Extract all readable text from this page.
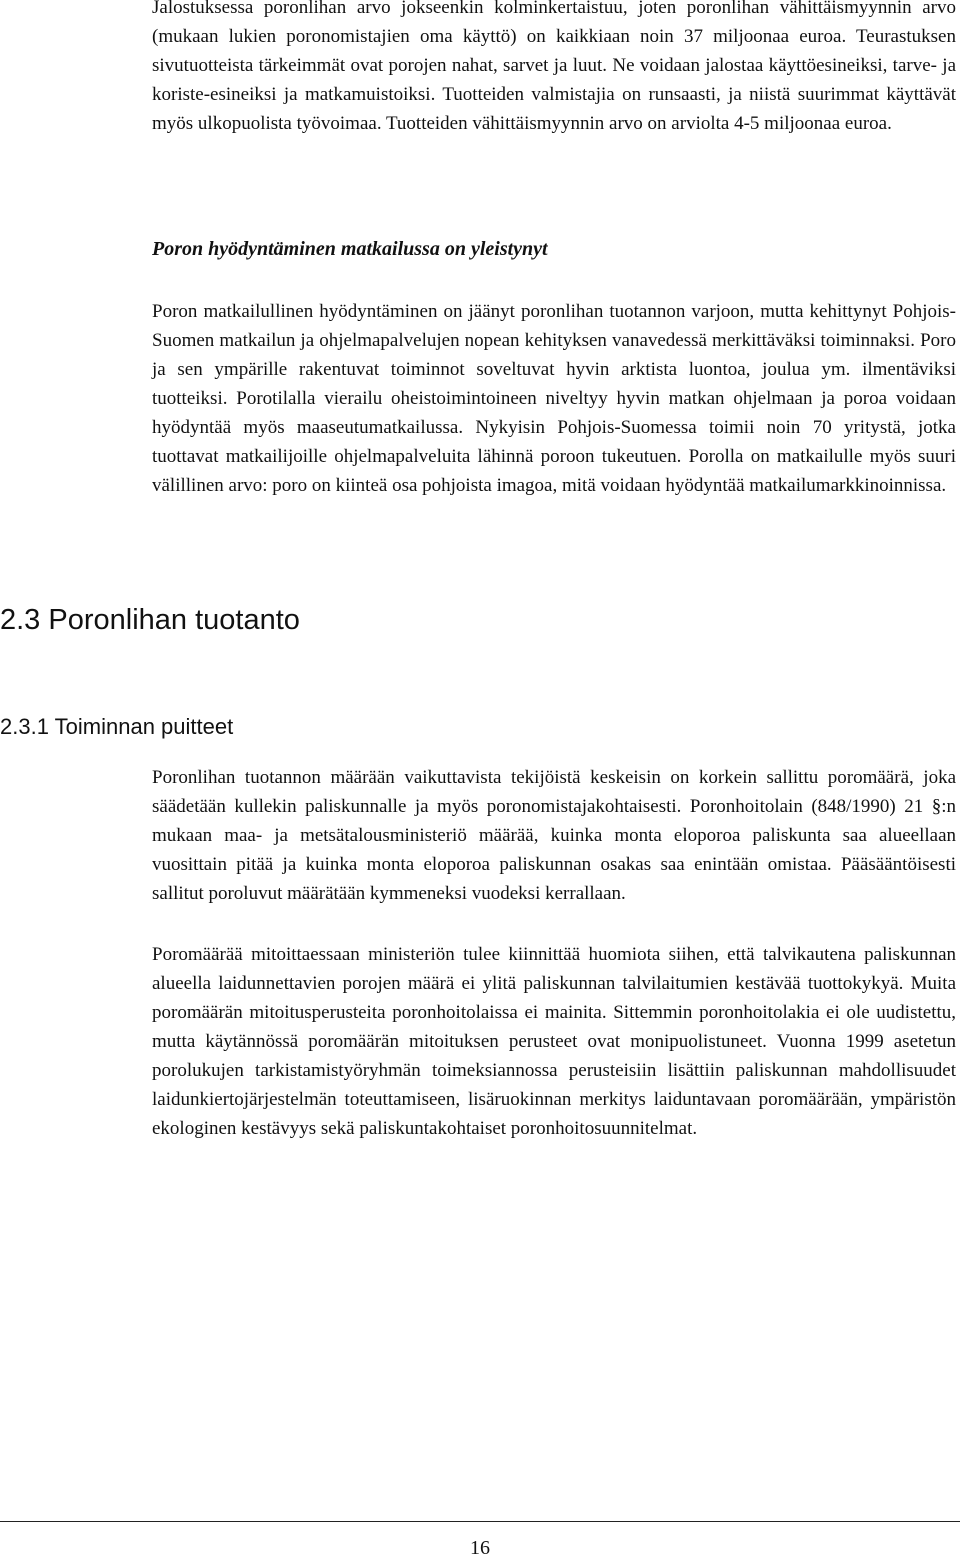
Jalostuksessa poronlihan arvo jokseenkin kolminkertaistuu, joten poronlihan vähittäismyynnin arvo (mukaan lukien poronomistajien oma käyttö) on kaikkiaan noin 37 miljoonaa euroa. Teurastuksen sivutuotteista tärkeimmät ovat porojen nahat, sarvet ja luut. Ne voidaan jalostaa käyttöesineiksi, tarve- ja koriste-esineiksi ja matkamuistoiksi. Tuotteiden valmistajia on runsaasti, ja niistä suurimmat käyttävät myös ulkopuolista työvoimaa. Tuotteiden vähittäismyynnin arvo on arviolta 4-5 miljoonaa euroa.

Poron hyödyntäminen matkailussa on yleistynyt

Poron matkailullinen hyödyntäminen on jäänyt poronlihan tuotannon varjoon, mutta kehittynyt Pohjois-Suomen matkailun ja ohjelmapalvelujen nopean kehityksen vanavedessä merkittäväksi toiminnaksi. Poro ja sen ympärille rakentuvat toiminnot soveltuvat hyvin arktista luontoa, joulua ym. ilmentäviksi tuotteiksi. Porotilalla vierailu oheistoimintoineen niveltyy hyvin matkan ohjelmaan ja poroa voidaan hyödyntää myös maaseutumatkailussa. Nykyisin Pohjois-Suomessa toimii noin 70 yritystä, jotka tuottavat matkailijoille ohjelmapalveluita lähinnä poroon tukeutuen. Porolla on matkailulle myös suuri välillinen arvo: poro on kiinteä osa pohjoista imagoa, mitä voidaan hyödyntää matkailumarkkinoinnissa.

2.3 Poronlihan tuotanto
2.3.1 Toiminnan puitteet

Poronlihan tuotannon määrään vaikuttavista tekijöistä keskeisin on korkein sallittu poromäärä, joka säädetään kullekin paliskunnalle ja myös poronomistajakohtaisesti. Poronhoitolain (848/1990) 21 §:n mukaan maa- ja metsätalousministeriö määrää, kuinka monta eloporoa paliskunta saa alueellaan vuosittain pitää ja kuinka monta eloporoa paliskunnan osakas saa enintään omistaa. Pääsääntöisesti sallitut poroluvut määrätään kymmeneksi vuodeksi kerrallaan.

Poromäärää mitoittaessaan ministeriön tulee kiinnittää huomiota siihen, että talvikautena paliskunnan alueella laidunnettavien porojen määrä ei ylitä paliskunnan talvilaitumien kestävää tuottokykyä. Muita poromäärän mitoitusperusteita poronhoitolaissa ei mainita. Sittemmin poronhoitolakia ei ole uudistettu, mutta käytännössä poromäärän mitoituksen perusteet ovat monipuolistuneet. Vuonna 1999 asetetun porolukujen tarkistamistyöryhmän toimeksiannossa perusteisiin lisättiin paliskunnan mahdollisuudet laidunkiertojärjestelmän toteuttamiseen, lisäruokinnan merkitys laiduntavaan poromäärään, ympäristön ekologinen kestävyys sekä paliskuntakohtaiset poronhoitosuunnitelmat.

16
